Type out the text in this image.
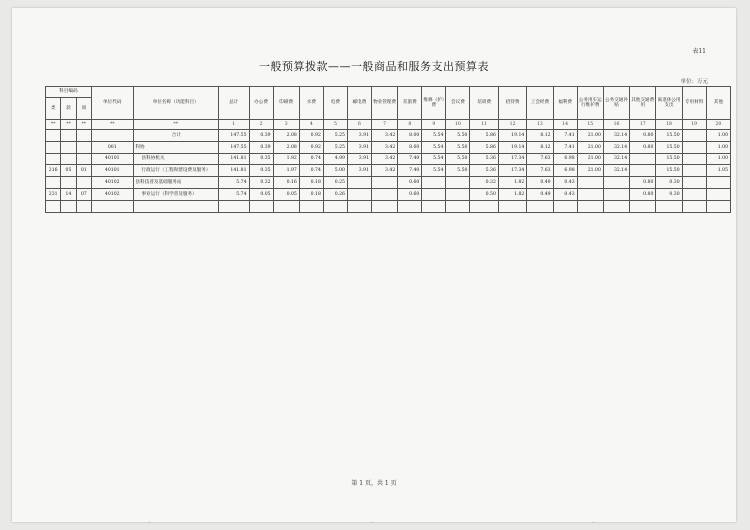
表11
一般预算拨款——一般商品和服务支出预算表
单位：万元
科目编码			单位代码	单位名称（功能科目）	总计	办公费	印刷费	水费	电费	邮电费	物业管理费	差旅费	维修（护）费	会议费	培训费	招待费	工会经费	福利费	公务用车运行维护费	公务交通补贴	其他交通费用	离退休公用支出	专用材料	其他
类	款	项																						
**	**	**	**	**	1	2	3	4	5	6	7	8	9	10	11	12	13	14	15	16	17	18	19	20
				合计	147.55	0.39	2.08	0.92	5.25	3.91	3.42	8.00	5.54	5.50	5.86	19.14	8.12	7.41	21.00	32.14	0.80	15.50		1.00
			001	科协	147.55	0.39	2.08	0.92	5.25	3.91	3.42	8.00	5.54	5.50	5.86	19.14	8.12	7.41	21.00	32.14	0.80	15.50		1.00
			40101	县科协机关	141.81	0.35	1.92	0.74	4.99	3.91	3.42	7.40	5.54	5.50	5.36	17.34	7.63	6.98	21.00	32.14		15.50		1.00
216	05	01	40101	行政运行（工程和建设费及服务）	141.81	0.35	1.97	0.74	5.00	3.91	3.42	7.40	5.54	5.50	5.36	17.34	7.63	6.98	21.00	32.14		15.50		1.05
			40102	县科技普及基础服务站	5.74	0.32	0.16	0.18	0.25			0.60			0.32	1.82	0.49	0.43			0.80	0.30		
231	14	07	40102	事业运行（科学普及服务）	5.74	0.05	0.05	0.18	0.26			0.60			0.50	1.82	0.49	0.43			0.80	0.30		

第 1 页，共 1 页
◦	◦	◦
